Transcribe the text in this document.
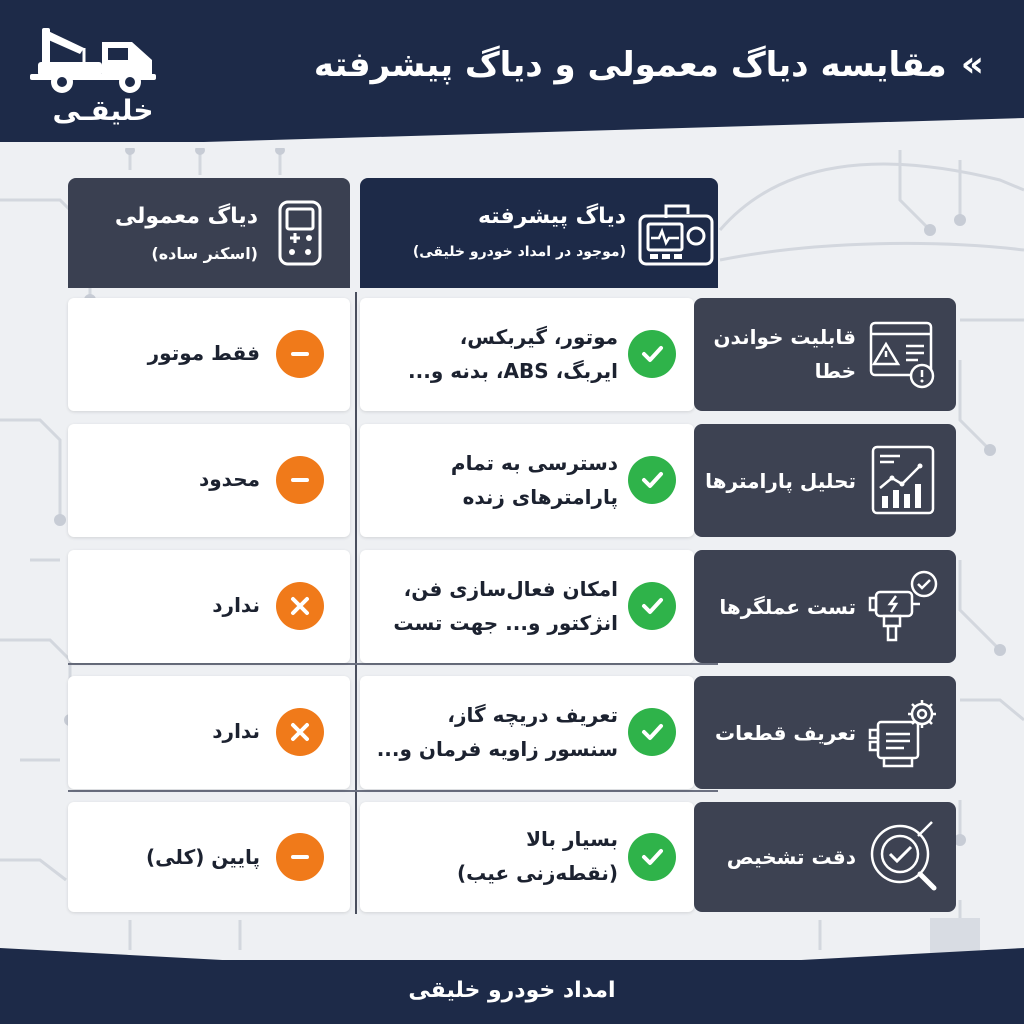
خلیقـی
»
مقایسه دیاگ معمولی و دیاگ پیشرفته
دیاگ معمولی
(اسکنر ساده)
دیاگ پیشرفته
(موجود در امداد خودرو خلیقی)
فقط موتور
موتور، گیربکس،
ایربگ، ABS، بدنه و...
قابلیت خواندن
خطا
محدود
دسترسی به تمام
پارامترهای زنده
تحلیل پارامترها
ندارد
امکان فعال‌سازی فن،
انژکتور و... جهت تست
تست عملگرها
ندارد
تعریف دریچه گاز،
سنسور زاویه فرمان و...
تعریف قطعات
پایین (کلی)
بسیار بالا
(نقطه‌زنی عیب)
دقت تشخیص
امداد خودرو خلیقی
